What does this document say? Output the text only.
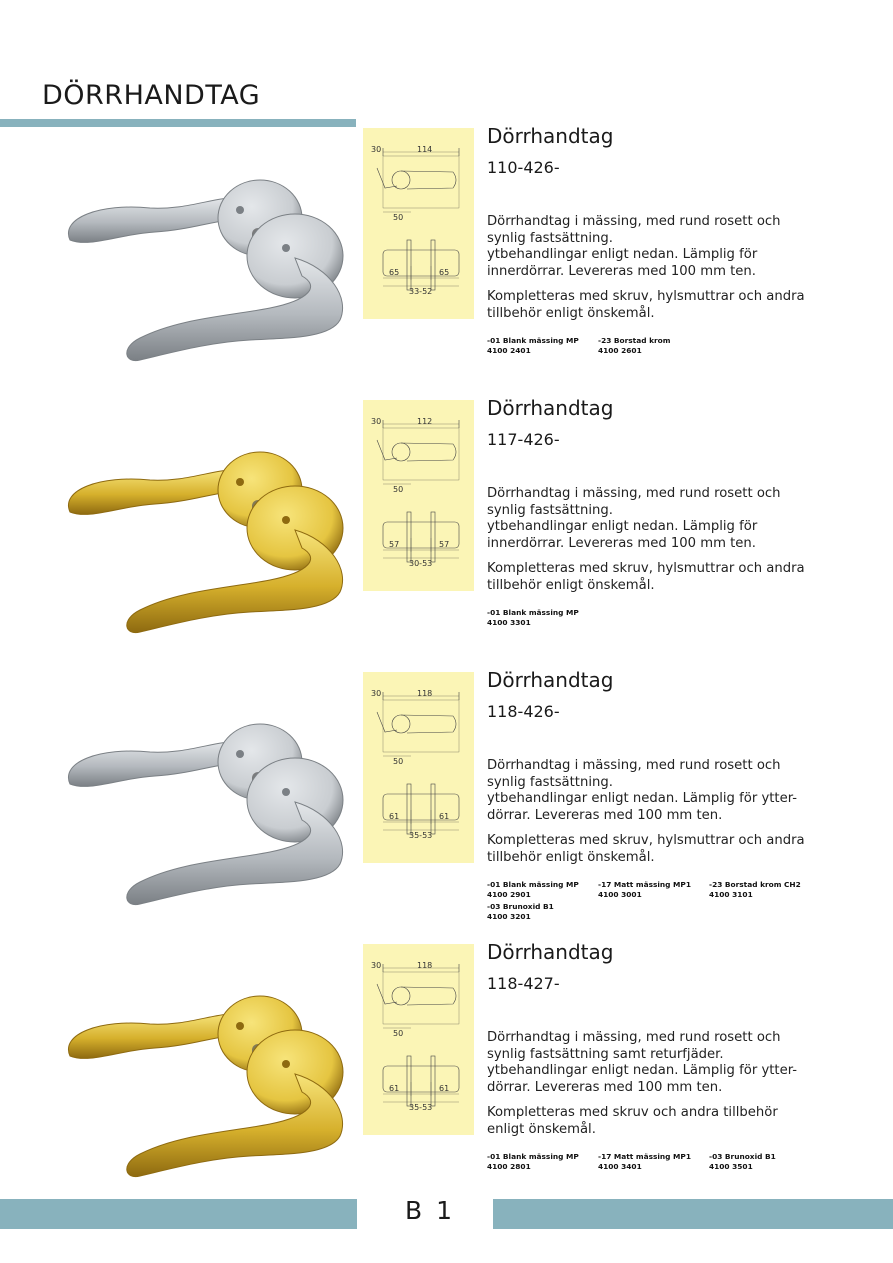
DÖRRHANDTAG
30	114
50
65	65
33-52
Dörrhandtag
110-426-
Dörrhandtag i mässing, med rund rosett och
synlig fastsättning.
ytbehandlingar enligt nedan. Lämplig för
innerdörrar. Levereras med 100 mm ten.
Kompletteras med skruv, hylsmuttrar och andra
tillbehör enligt önskemål.
-01 Blank mässing MP
4100 2401
-23 Borstad krom
4100 2601
30	112
50
57	57
30-53
Dörrhandtag
117-426-
Dörrhandtag i mässing, med rund rosett och
synlig fastsättning.
ytbehandlingar enligt nedan. Lämplig för
innerdörrar. Levereras med 100 mm ten.
Kompletteras med skruv, hylsmuttrar och andra
tillbehör enligt önskemål.
-01 Blank mässing MP
4100 3301
30	118
50
61	61
35-53
Dörrhandtag
118-426-
Dörrhandtag i mässing, med rund rosett och
synlig fastsättning.
ytbehandlingar enligt nedan. Lämplig för ytter-
dörrar. Levereras med 100 mm ten.
Kompletteras med skruv, hylsmuttrar och andra
tillbehör enligt önskemål.
-01 Blank mässing MP
4100 2901
-17 Matt mässing MP1
4100 3001
-23 Borstad krom CH2
4100 3101
-03 Brunoxid B1
4100 3201
30	118
50
61	61
35-53
Dörrhandtag
118-427-
Dörrhandtag i mässing, med rund rosett och
synlig fastsättning samt returfjäder.
ytbehandlingar enligt nedan. Lämplig för ytter-
dörrar. Levereras med 100 mm ten.
Kompletteras med skruv och andra tillbehör
enligt önskemål.
-01 Blank mässing MP
4100 2801
-17 Matt mässing MP1
4100 3401
-03 Brunoxid B1
4100 3501
B 1
